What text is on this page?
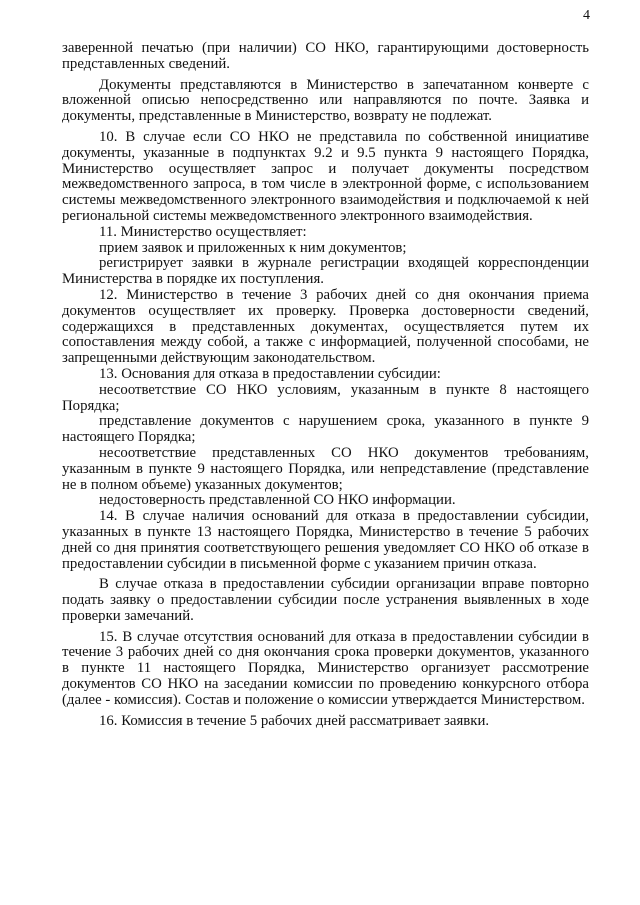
4

заверенной печатью (при наличии) СО НКО, гарантирующими достоверность представленных сведений.

Документы представляются в Министерство в запечатанном конверте с вложенной описью непосредственно или направляются по почте. Заявка и документы, представленные в Министерство, возврату не подлежат.

10. В случае если СО НКО не представила по собственной инициативе документы, указанные в подпунктах 9.2 и 9.5 пункта 9 настоящего Порядка, Министерство осуществляет запрос и получает документы посредством межведомственного запроса, в том числе в электронной форме, с использованием системы межведомственного электронного взаимодействия и подключаемой к ней региональной системы межведомственного электронного взаимодействия.

11. Министерство осуществляет:

прием заявок и приложенных к ним документов;

регистрирует заявки в журнале регистрации входящей корреспонденции Министерства в порядке их поступления.

12. Министерство в течение 3 рабочих дней со дня окончания приема документов осуществляет их проверку. Проверка достоверности сведений, содержащихся в представленных документах, осуществляется путем их сопоставления между собой, а также с информацией, полученной способами, не запрещенными действующим законодательством.

13. Основания для отказа в предоставлении субсидии:

несоответствие СО НКО условиям, указанным в пункте 8 настоящего Порядка;

представление документов с нарушением срока, указанного в пункте 9 настоящего Порядка;

несоответствие представленных СО НКО документов требованиям, указанным в пункте 9 настоящего Порядка, или непредставление (представление не в полном объеме) указанных документов;

недостоверность представленной СО НКО информации.

14. В случае наличия оснований для отказа в предоставлении субсидии, указанных в пункте 13 настоящего Порядка, Министерство в течение 5 рабочих дней со дня принятия соответствующего решения уведомляет СО НКО об отказе в предоставлении субсидии в письменной форме с указанием причин отказа.

В случае отказа в предоставлении субсидии организации вправе повторно подать заявку о предоставлении субсидии после устранения выявленных в ходе проверки замечаний.

15. В случае отсутствия оснований для отказа в предоставлении субсидии в течение 3 рабочих дней со дня окончания срока проверки документов, указанного в пункте 11 настоящего Порядка, Министерство организует рассмотрение документов СО НКО на заседании комиссии по проведению конкурсного отбора (далее - комиссия). Состав и положение о комиссии утверждается Министерством.

16. Комиссия в течение 5 рабочих дней рассматривает заявки.
